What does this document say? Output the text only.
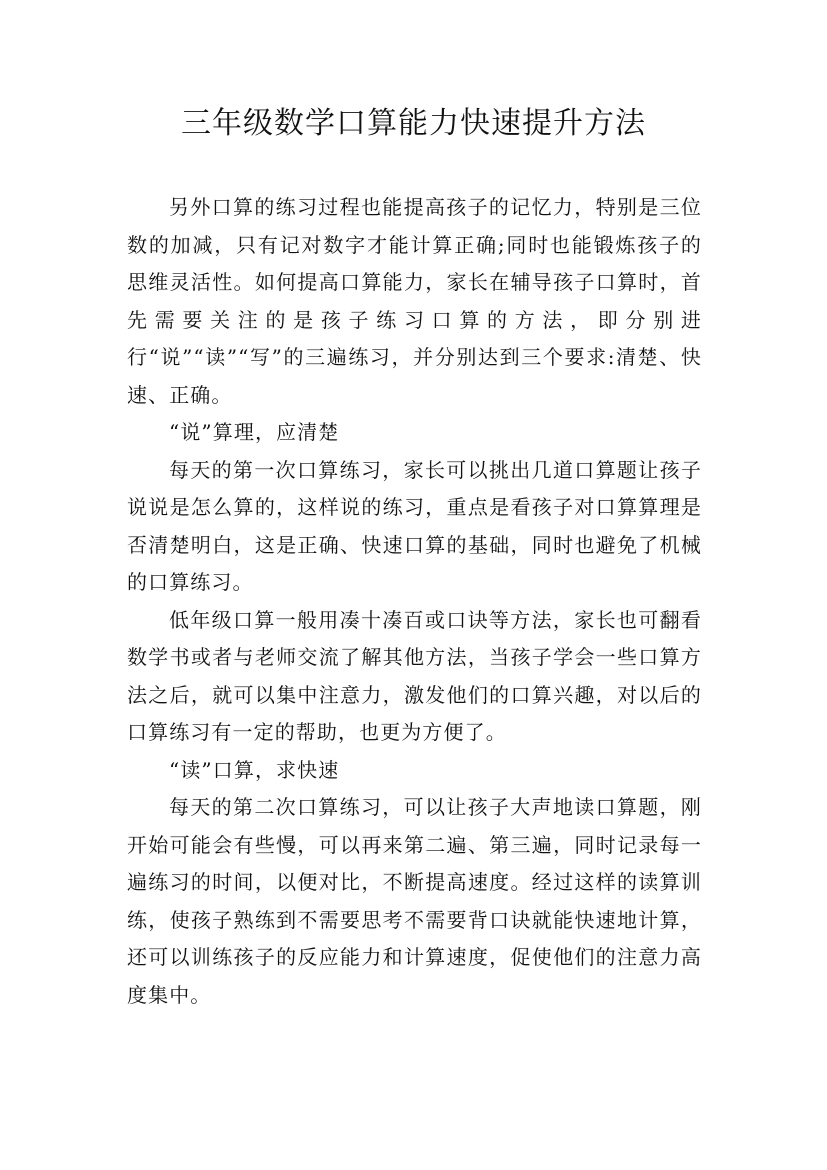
三年级数学口算能力快速提升方法

另外口算的练习过程也能提高孩子的记忆力，特别是三位数的加减，只有记对数字才能计算正确;同时也能锻炼孩子的思维灵活性。如何提高口算能力，家长在辅导孩子口算时，首先需要关注的是孩子练习口算的方法，即分别进行“说”“读”“写”的三遍练习，并分别达到三个要求:清楚、快速、正确。

“说”算理，应清楚

每天的第一次口算练习，家长可以挑出几道口算题让孩子说说是怎么算的，这样说的练习，重点是看孩子对口算算理是否清楚明白，这是正确、快速口算的基础，同时也避免了机械的口算练习。

低年级口算一般用凑十凑百或口诀等方法，家长也可翻看数学书或者与老师交流了解其他方法，当孩子学会一些口算方法之后，就可以集中注意力，激发他们的口算兴趣，对以后的口算练习有一定的帮助，也更为方便了。

“读”口算，求快速

每天的第二次口算练习，可以让孩子大声地读口算题，刚开始可能会有些慢，可以再来第二遍、第三遍，同时记录每一遍练习的时间，以便对比，不断提高速度。经过这样的读算训练，使孩子熟练到不需要思考不需要背口诀就能快速地计算，还可以训练孩子的反应能力和计算速度，促使他们的注意力高度集中。
